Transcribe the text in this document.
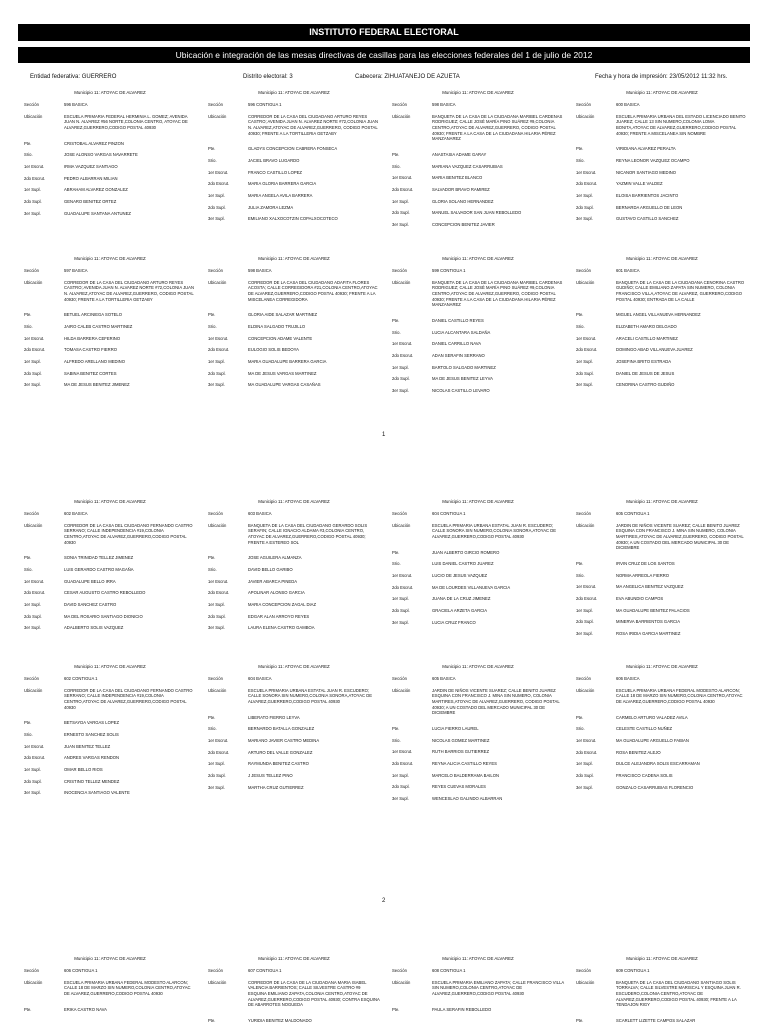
INSTITUTO FEDERAL ELECTORAL
Ubicación e integración de las mesas directivas de casillas para las elecciones federales del 1 de julio de 2012
Entidad federativa: GUERRERO	Distrito electoral: 3	Cabecera: ZIHUATANEJO DE AZUETA	Fecha y hora de impresión: 23/05/2012 11:32 hrs.
Municipio 11: ATOYAC DE ALVAREZ
Sección	596 BASICA
Ubicación	ESCUELA PRIMARIA FEDERAL HERMINIA L. GOMEZ; AVENIDA JUAN N. ALVAREZ #56 NORTE,COLONIA CENTRO, ATOYAC DE ALVAREZ,GUERRERO,CODIGO POSTAL 40930
Pte.	CRISTOBAL ALVAREZ PINZON
Srio.	JOSE ALONSO VARGAS NAVARRETE
1er Escrut.	IRMA VAZQUEZ SANTIAGO
2do Escrut.	PEDRO ALBARRAN MILIAN
1er Supl.	ABRAHAM ALVAREZ GONZALEZ
2do Supl.	GENARO BENITEZ ORTEZ
3er Supl.	GUADALUPE SANTANA ANTUNEZ
Municipio 11: ATOYAC DE ALVAREZ
Sección	596 CONTIGUA 1
Ubicación	CORREDOR DE LA CASA DEL CIUDADANO ARTURO REYES CASTRO; AVENIDA JUAN N. ALVAREZ NORTE #72,COLONIA JUAN N. ALVAREZ,ATOYAC DE ALVAREZ,GUERRERO, CODIGO POSTAL 40930; FRENTE A LA TORTILLERIA GETZABY
Pte.	GLADYS CONCEPCION CABRERA FONSECA
Srio.	JACIEL BRAVO LUGARDO
1er Escrut.	FRANCO CASTILLO LOPEZ
2do Escrut.	MARIA GLORIA BARRERA GARCIA
1er Supl.	MARIA ANGELA AVILA BARRERA
2do Supl.	JULIA ZAMORA LEZMA
3er Supl.	EMILIANO XALXOCOTZIN COPALXOCOTECO
Municipio 11: ATOYAC DE ALVAREZ
Sección	598 BASICA
Ubicación	BANQUETA DE LA CASA DE LA CIUDADANA MARIBEL CARDENAS RODRIGUEZ; CALLE JOSÉ MARÍA PINO SUÁREZ #9,COLONIA CENTRO,ATOYAC DE ALVAREZ,GUERRERO, CODIGO POSTAL 40930; FRENTE A LA CASA DE LA CIUDADANA HILARIA PÉREZ MANZANAREZ
Pte.	ANASTASIA ADAME GARAY
Srio.	MARIANA VAZQUEZ CASARRUBIAS
1er Escrut.	MARIA BENITEZ BLANCO
2do Escrut.	SALVADOR BRAVO RAMIREZ
1er Supl.	GLORIA SOLANO HERNANDEZ
2do Supl.	MANUEL SALVADOR SAN JUAN REBOLLEDO
3er Supl.	CONCEPCION BENITEZ JAVIER
Municipio 11: ATOYAC DE ALVAREZ
Sección	600 BASICA
Ubicación	ESCUELA PRIMARIA URBANA DEL ESTADO LICENCIADO BENITO JUAREZ; CALLE 13 SIN NUMERO,COLONIA LOMA BONITA,ATOYAC DE ALVAREZ,GUERRERO,CODIGO POSTAL 40930; FRENTE A MISCELANEA SIN NOMBRE
Pte.	VIRIDIANA ALVAREZ PERALTA
Srio.	REYNA LEONOR VAZQUEZ OCAMPO
1er Escrut.	NICANOR SANTIAGO MEDINO
2do Escrut.	YAZMIN VALLE VALDEZ
1er Supl.	ELOISA BARRIENTOS JACINTO
2do Supl.	BERNARDA ARGUELLO DE LEON
3er Supl.	GUSTAVO CASTILLO SANCHEZ
Municipio 11: ATOYAC DE ALVAREZ
Sección	597 BASICA
Ubicación	CORREDOR DE LA CASA DEL CIUDADANO ARTURO REYES CASTRO; AVENIDA JUAN N. ALVAREZ NORTE #72,COLONIA JUAN N. ALVAREZ,ATOYAC DE ALVAREZ,GUERRERO, CODIGO POSTAL 40930; FRENTE A LA TORTILLERIA GETZABY
Pte.	BETUEL ARCINIEGA SOTELO
Srio.	JAIRO CALEB CASTRO MARTINEZ
1er Escrut.	HILDA BARRERA CEFERINO
2do Escrut.	TOMASA CASTRO FIERRO
1er Supl.	ALFREDO ARELLANO MEDINO
2do Supl.	SABINA BENITEZ CORTES
3er Supl.	MA DE JESUS BENITEZ JIMENEZ
Municipio 11: ATOYAC DE ALVAREZ
Sección	598 BASICA
Ubicación	CORREDOR DE LA CASA DEL CIUDADANO ADAFITA FLORES ACOSTA; CALLE CORREGIDORA #21,COLONIA CENTRO,ATOYAC DE ALVAREZ,GUERRERO,CODIGO POSTAL 40930; FRENTE A LA MISCELANEA CORREGIDORA
Pte.	GLORIA AIDE SALAZAR MARTINEZ
Srio.	ELDINA SALGADO TRUJILLO
1er Escrut.	CONCEPCION ADAME VALENTE
2do Escrut.	EULOGIO SOLIS BEDOYA
1er Supl.	MARIA GUADALUPE BARRERA GARCIA
2do Supl.	MA DE JESUS VARGAS MARTINEZ
3er Supl.	MA GUADALUPE VARGAS CASAÑAS
Municipio 11: ATOYAC DE ALVAREZ
Sección	599 CONTIGUA 1
Ubicación	BANQUETA DE LA CASA DE LA CIUDADANA MARIBEL CARDENAS RODRIGUEZ; CALLE JOSÉ MARÍA PINO SUÁREZ #9,COLONIA CENTRO,ATOYAC DE ALVAREZ,GUERRERO, CODIGO POSTAL 40930; FRENTE A LA CASA DE LA CIUDADANA HILARIA PÉREZ MANZANAREZ
Pte.	DANIEL CASTILLO REYES
Srio.	LUCIA ALCANTARA SALDAÑA
1er Escrut.	DANIEL CARRILLO NAVA
2do Escrut.	ADAN SERAFIN SERRANO
1er Supl.	BARTOLO SALGADO MARTINEZ
2do Supl.	MA DE JESUS BENITEZ LEYVA
3er Supl.	NICOLAS CASTILLO LEVARO
Municipio 11: ATOYAC DE ALVAREZ
Sección	601 BASICA
Ubicación	BANQUETA DE LA CASA DE LA CIUDADANA CENORINA CASTRO GUDIÑO; CALLE EMILIANO ZAPATA SIN NUMERO, COLONIA FRANCISCO VILLA,ATOYAC DE ALVAREZ, GUERRERO,CODIGO POSTAL 40930; ENTRADA DE LA CALLE
Pte.	MIGUEL ANGEL VILLANUEVA HERNANDEZ
Srio.	ELIZABETH AMARO DELGADO
1er Escrut.	ARACELI CASTILLO MARTINEZ
2do Escrut.	DOMINGO ABAD VILLANUEVA JUAREZ
1er Supl.	JOSEFINA BRITO ESTRADA
2do Supl.	DANIEL DE JESUS DE JESUS
3er Supl.	CENORINA CASTRO GUDIÑO
Municipio 11: ATOYAC DE ALVAREZ
Sección	602 BASICA
Ubicación	CORREDOR DE LA CASA DEL CIUDADANO FERNANDO CASTRO SERRANO; CALLE INDEPENDENCIA #19,COLONIA CENTRO,ATOYAC DE ALVAREZ,GUERRERO,CODIGO POSTAL 40930
Pte.	SONIA TRINIDAD TELLEZ JIMENEZ
Srio.	LUIS GERARDO CASTRO MAGAÑA
1er Escrut.	GUADALUPE BELLO IRRA
2do Escrut.	CESAR AUGUSTO CASTRO REBOLLEDO
1er Supl.	DAVID SANCHEZ CASTRO
2do Supl.	MA DEL ROSARIO SANTIAGO DIONICIO
3er Supl.	ADALBERTO SOLIS VAZQUEZ
Municipio 11: ATOYAC DE ALVAREZ
Sección	603 BASICA
Ubicación	BANQUETA DE LA CASA DEL CIUDADANO GERARDO SOLIS SERAFIN; CALLE IGNACIO ALDAMA #3,COLONIA CENTRO, ATOYAC DE ALVAREZ,GUERRERO,CODIGO POSTAL 40930; FRENTE A ESTEREO SOL
Pte.	JOSE AGUILERA ALMANZA
Srio.	DAVID BELLO GARIBO
1er Escrut.	JAVIER ABARCA PINEDA
2do Escrut.	APOLINAR ALONSO GARCIA
1er Supl.	MARIA CONCEPCION ZAGAL DIAZ
2do Supl.	EDGAR ALAN ARROYO REYES
3er Supl.	LAURA ELENA CASTRO GAMBOA
Municipio 11: ATOYAC DE ALVAREZ
Sección	604 CONTIGUA 1
Ubicación	ESCUELA PRIMARIA URBANA ESTATAL JUAN R. ESCUDERO; CALLE SONORA SIN NUMERO,COLONIA SONORA,ATOYAC DE ALVAREZ,GUERRERO,CODIGO POSTAL 40930
Pte.	JUAN ALBERTO GIRCIO ROMERO
Srio.	LUIS DANIEL CASTRO JUAREZ
1er Escrut.	LUCIO DE JESUS VAZQUEZ
2do Escrut.	MA DE LOURDES VILLANUEVA GARCIA
1er Supl.	JUANA DE LA CRUZ JIMENEZ
2do Supl.	GRACIELA ARZETA GARCIA
3er Supl.	LUCIA CRUZ FRANCO
Municipio 11: ATOYAC DE ALVAREZ
Sección	605 CONTIGUA 1
Ubicación	JARDIN DE NIÑOS VICENTE SUAREZ; CALLE BENITO JUAREZ ESQUINA CON FRANCISCO J. MINA SIN NUMERO, COLONIA MARTIRES,ATOYAC DE ALVAREZ,GUERRERO, CODIGO POSTAL 40930; A UN COSTADO DEL MERCADO MUNICIPAL 30 DE DICIEMBRE
Pte.	IRVIN CRUZ DE LOS SANTOS
Srio.	NORMA ARREOLA FIERRO
1er Escrut.	MA ANGELICA BENITEZ VAZQUEZ
2do Escrut.	EVA ABUNDIO CAMPOS
1er Supl.	MA GUADALUPE BENITEZ PALACIOS
2do Supl.	MINERVA BARRIENTOS GARCIA
3er Supl.	ROSA IRIDIA GARCIA MARTINEZ
Municipio 11: ATOYAC DE ALVAREZ
Sección	602 CONTIGUA 1
Ubicación	CORREDOR DE LA CASA DEL CIUDADANO FERNANDO CASTRO SERRANO; CALLE INDEPENDENCIA #19,COLONIA CENTRO,ATOYAC DE ALVAREZ,GUERRERO,CODIGO POSTAL 40930
Pte.	BETSAYDA VARGAS LOPEZ
Srio.	ERNESTO SANCHEZ SOLIS
1er Escrut.	JUAN BENITEZ TELLEZ
2do Escrut.	ANDRES VARGAS RENDON
1er Supl.	OMAR BELLO RIOS
2do Supl.	CRISTINO TELLEZ MENDEZ
3er Supl.	INOCENCIA SANTIAGO VALENTE
Municipio 11: ATOYAC DE ALVAREZ
Sección	604 BASICA
Ubicación	ESCUELA PRIMARIA URBANA ESTATAL JUAN R. ESCUDERO; CALLE SONORA SIN NUMERO,COLONIA SONORA,ATOYAC DE ALVAREZ,GUERRERO,CODIGO POSTAL 40930
Pte.	LIBERATO FIERRO LEYVA
Srio.	BERNARDO BATALLA GONZALEZ
1er Escrut.	MARIANO JAVIER CASTRO MEDINA
2do Escrut.	ARTURO DEL VALLE GONZALEZ
1er Supl.	RAYMUNDA BENITEZ CASTRO
2do Supl.	J JESUS TELLEZ PINO
3er Supl.	MARTHA CRUZ GUTIERREZ
Municipio 11: ATOYAC DE ALVAREZ
Sección	605 BASICA
Ubicación	JARDIN DE NIÑOS VICENTE SUAREZ; CALLE BENITO JUAREZ ESQUINA CON FRANCISCO J. MINA SIN NUMERO, COLONIA MARTIRES,ATOYAC DE ALVAREZ,GUERRERO, CODIGO POSTAL 40930; A UN COSTADO DEL MERCADO MUNICIPAL 30 DE DICIEMBRE
Pte.	LUCIA FIERRO LAUREL
Srio.	NICOLAS GOMEZ MARTINEZ
1er Escrut.	RUTH BARRIOS GUTIERREZ
2do Escrut.	REYNA ALICIA CASTILLO REYES
1er Supl.	MARCELO BALDERRAMA BAILON
2do Supl.	REYES CUEVAS MORALES
3er Supl.	WENCESLAO GALINDO ALBARRAN
Municipio 11: ATOYAC DE ALVAREZ
Sección	606 BASICA
Ubicación	ESCUELA PRIMARIA URBANA FEDERAL MODESTO ALARCON; CALLE 18 DE MARZO SIN NUMERO,COLONIA CENTRO,ATOYAC DE ALVAREZ,GUERRERO,CODIGO POSTAL 40930
Pte.	CARMELO ARTURO VALADEZ AVILA
Srio.	CELESTE CASTILLO NUÑEZ
1er Escrut.	MA GUADALUPE ARGUELLO FABIAN
2do Escrut.	ROSA BENITEZ ALEJO
1er Supl.	DULCE ALEJANDRA SOLIS ESCARRAMAN
2do Supl.	FRANCISCO CADENA SOLIS
3er Supl.	GONZALO CASARRUBIAS FLORENCIO
Municipio 11: ATOYAC DE ALVAREZ
Sección	606 CONTIGUA 1
Ubicación	ESCUELA PRIMARIA URBANA FEDERAL MODESTO ALARCON; CALLE 18 DE MARZO SIN NUMERO,COLONIA CENTRO,ATOYAC DE ALVAREZ,GUERRERO,CODIGO POSTAL 40930
Pte.	ERIKA CASTRO NAVA
Municipio 11: ATOYAC DE ALVAREZ
Sección	607 CONTIGUA 1
Ubicación	CORREDOR DE LA CASA DE LA CIUDADANA MARIA ISABEL VALENCIA BARRIENTOS; CALLE SILVESTRE CASTRO #9 ESQUINA EMILIANO ZAPATA,COLONIA CENTRO,ATOYAC DE ALVAREZ,GUERRERO,CODIGO POSTAL 40930; CONTRA ESQUINA DE ABARROTES NOGUEDA
Pte.	YURIDIA BENITEZ MALDONADO
Municipio 11: ATOYAC DE ALVAREZ
Sección	608 CONTIGUA 1
Ubicación	ESCUELA PRIMARIA EMILIANO ZAPATA; CALLE FRANCISCO VILLA SIN NUMERO,COLONIA CENTRO,ATOYAC DE ALVAREZ,GUERRERO,CODIGO POSTAL 40930
Pte.	PAULA SERAFIN REBOLLEDO
Municipio 11: ATOYAC DE ALVAREZ
Sección	609 CONTIGUA 1
Ubicación	BANQUETA DE LA CASA DEL CIUDADANO SANTIAGO SOLIS TORRALVA; CALLE SILVESTRE MARISCAL Y ESQUINA JUAN R. ESCUDERO,COLONIA CENTRO,ATOYAC DE ALVAREZ,GUERRERO,CODIGO POSTAL 40930; FRENTE A LA TENDAJON RIGY
Pte.	SCARLETT LIZETTE CAMPOS SALAZAR
1
2
